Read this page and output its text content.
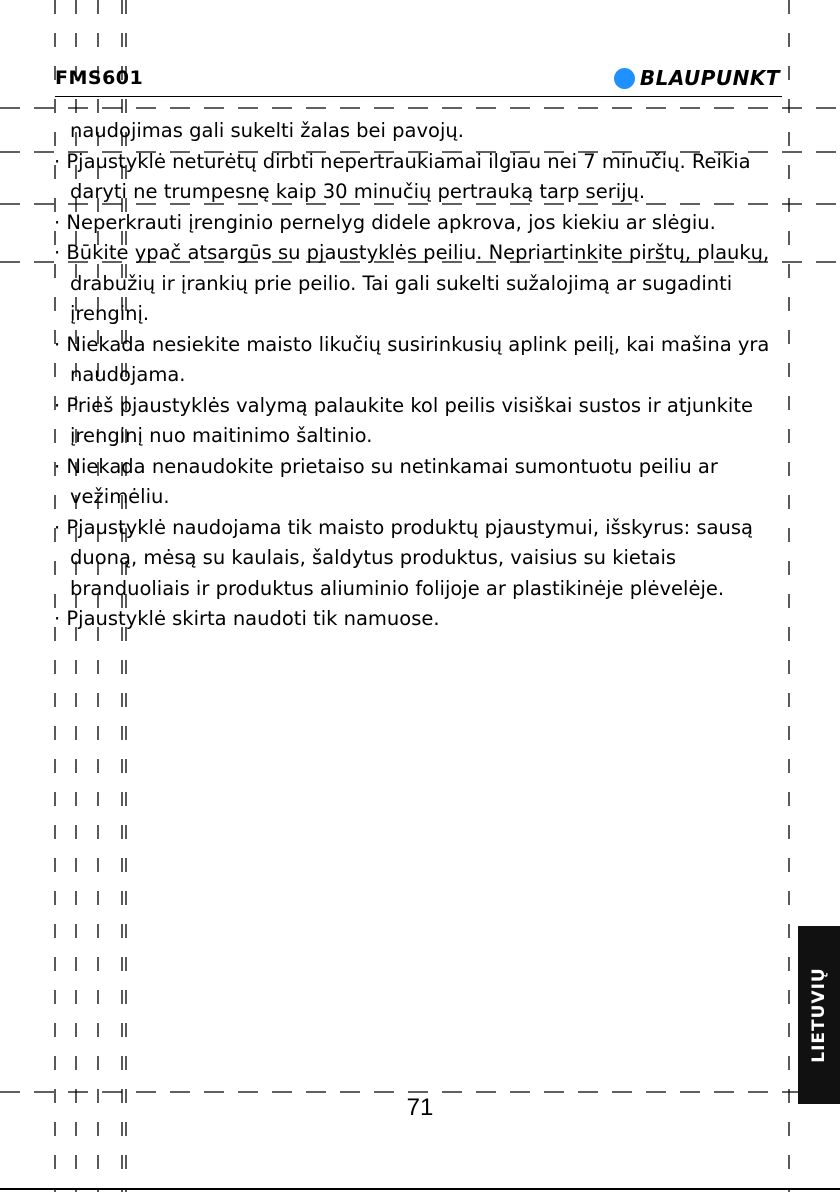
FMS601	BLAUPUNKT

naudojimas gali sukelti žalas bei pavojų.

· Pjaustyklė neturėtų dirbti nepertraukiamai ilgiau nei 7 minučių. Reikia daryti ne trumpesnę kaip 30 minučių pertrauką tarp serijų.

· Neperkrauti įrenginio pernelyg didele apkrova, jos kiekiu ar slėgiu.

· Būkite ypač atsargūs su pjaustyklės peiliu. Nepriartinkite pirštų, plaukų, drabužių ir įrankių prie peilio. Tai gali sukelti sužalojimą ar sugadinti įrenginį.

· Niekada nesiekite maisto likučių susirinkusių aplink peilį, kai mašina yra naudojama.

· Prieš pjaustyklės valymą palaukite kol peilis visiškai sustos ir atjunkite įrenginį nuo maitinimo šaltinio.

· Niekada nenaudokite prietaiso su netinkamai sumontuotu peiliu ar vežimėliu.

· Pjaustyklė naudojama tik maisto produktų pjaustymui, išskyrus: sausą duoną, mėsą su kaulais, šaldytus produktus, vaisius su kietais branduoliais ir produktus aliuminio folijoje ar plastikinėje plėvelėje.

· Pjaustyklė skirta naudoti tik namuose.

LIETUVIŲ
71
